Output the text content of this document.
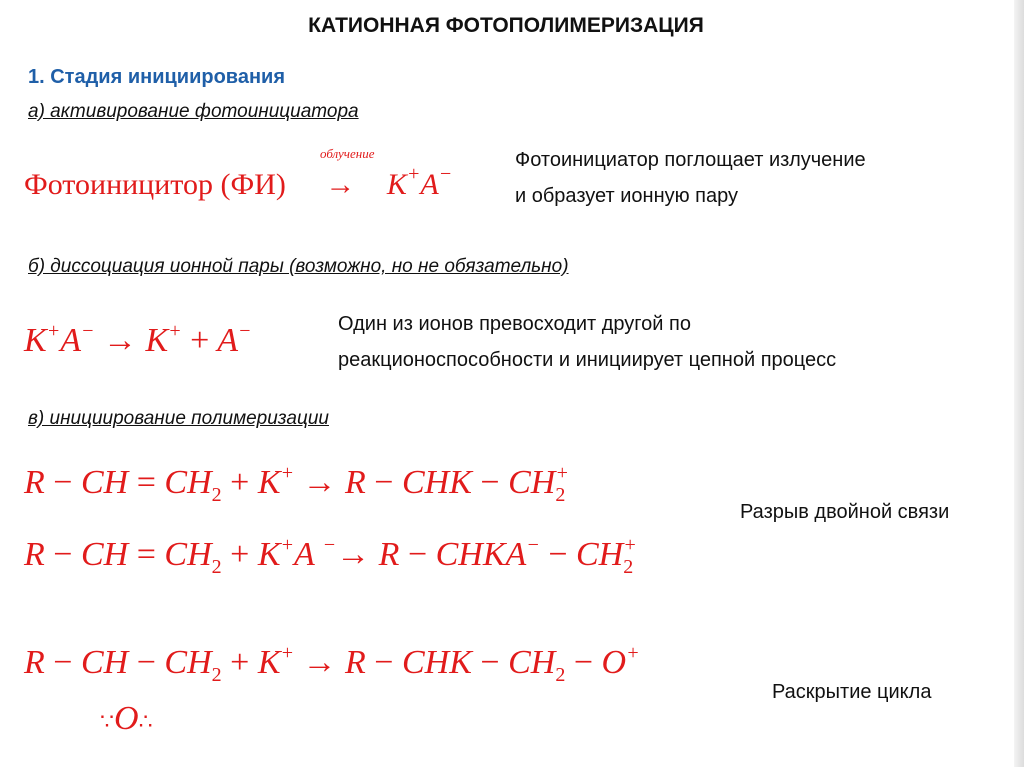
КАТИОННАЯ ФОТОПОЛИМЕРИЗАЦИЯ
1. Стадия инициирования
а) активирование фотоинициатора
облучение
Фотоиницитор (ФИ) → K+A−
Фотоинициатор поглощает излучение
и образует ионную пару
б) диссоциация ионной пары (возможно, но не обязательно)
K+A− → K+ + A−	Один из ионов превосходит другой по
реакционоспособности и инициирует цепной процесс
в) инициирование полимеризации
R − CH = $CH_2 + K^+ \to R$ − CHK − $CH_2^+$
R − CH = $CH_2 + K^+A$ −→ R − CHKA− − $CH_2^+$
Разрыв двойной связи
R − CH − $CH_2 + K^+ \to R$ − CHK − $CH_2 - O^+$
∵O∴
Раскрытие цикла
